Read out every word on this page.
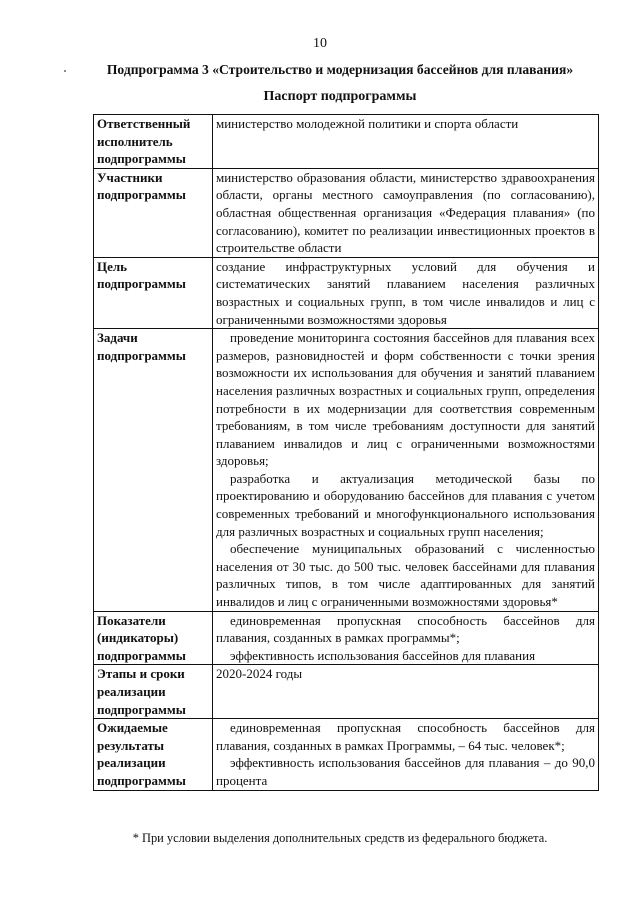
10
Подпрограмма 3 «Строительство и модернизация бассейнов для плавания»
Паспорт подпрограммы
Ответственный исполнитель подпрограммы	министерство молодежной политики и спорта области

Участники подпрограммы	министерство образования области, министерство здравоохранения области, органы местного самоуправления (по согласованию), областная общественная организация «Федерация плавания» (по согласованию), комитет по реализации инвестиционных проектов в строительстве области

Цель подпрограммы	создание инфраструктурных условий для обучения и систематических занятий плаванием населения различных возрастных и социальных групп, в том числе инвалидов и лиц с ограниченными возможностями здоровья

Задачи подпрограммы	проведение мониторинга состояния бассейнов для плавания всех размеров, разновидностей и форм собственности с точки зрения возможности их использования для обучения и занятий плаванием населения различных возрастных и социальных групп, определения потребности в их модернизации для соответствия современным требованиям, в том числе требованиям доступности для занятий плаванием инвалидов и лиц с ограниченными возможностями здоровья;

разработка и актуализация методической базы по проектированию и оборудованию бассейнов для плавания с учетом современных требований и многофункционального использования для различных возрастных и социальных групп населения;

обеспечение муниципальных образований с численностью населения от 30 тыс. до 500 тыс. человек бассейнами для плавания различных типов, в том числе адаптированных для занятий инвалидов и лиц с ограниченными возможностями здоровья*

Показатели (индикаторы) подпрограммы	единовременная пропускная способность бассейнов для плавания, созданных в рамках программы*;

эффективность использования бассейнов для плавания

Этапы и сроки реализации подпрограммы	2020-2024 годы

Ожидаемые результаты реализации подпрограммы	единовременная пропускная способность бассейнов для плавания, созданных в рамках Программы, – 64 тыс. человек*;

эффективность использования бассейнов для плавания – до 90,0 процента

* При условии выделения дополнительных средств из федерального бюджета.
